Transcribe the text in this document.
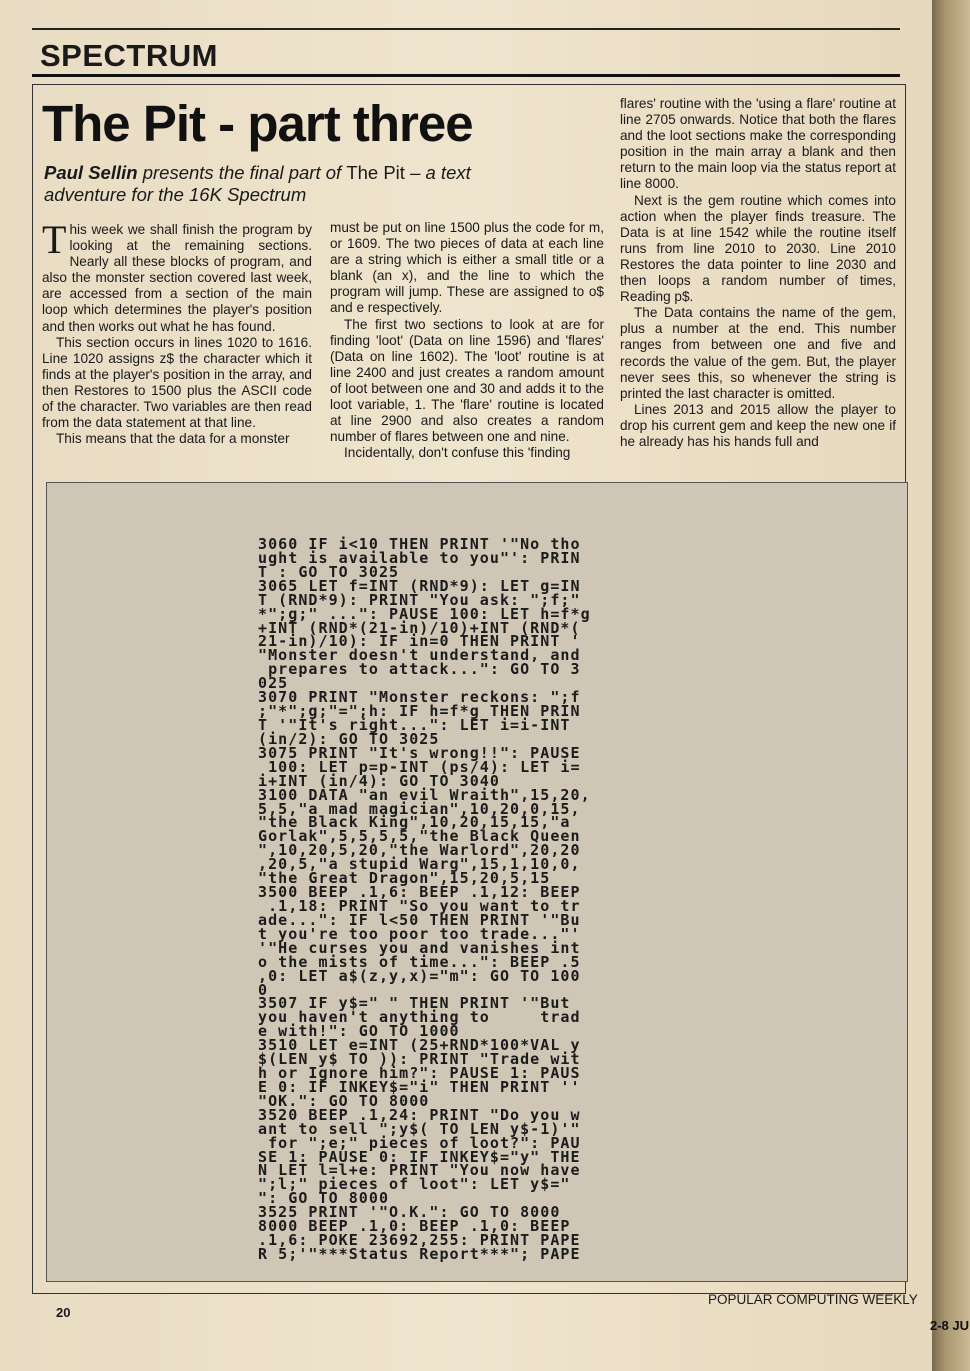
2-8 JU
SPECTRUM
The Pit - part three
Paul Sellin presents the final part of The Pit – a text adventure for the 16K Spectrum

This week we shall finish the program by looking at the remaining sections. Nearly all these blocks of program, and also the monster section covered last week, are accessed from a section of the main loop which determines the player's position and then works out what he has found.

This section occurs in lines 1020 to 1616. Line 1020 assigns z$ the character which it finds at the player's position in the array, and then Restores to 1500 plus the ASCII code of the character. Two variables are then read from the data statement at that line.

This means that the data for a monster

must be put on line 1500 plus the code for m, or 1609. The two pieces of data at each line are a string which is either a small title or a blank (an x), and the line to which the program will jump. These are assigned to o$ and e respectively.

The first two sections to look at are for finding 'loot' (Data on line 1596) and 'flares' (Data on line 1602). The 'loot' routine is at line 2400 and just creates a random amount of loot between one and 30 and adds it to the loot variable, 1. The 'flare' routine is located at line 2900 and also creates a random number of flares between one and nine.

Incidentally, don't confuse this 'finding

flares' routine with the 'using a flare' routine at line 2705 onwards. Notice that both the flares and the loot sections make the corresponding position in the main array a blank and then return to the main loop via the status report at line 8000.

Next is the gem routine which comes into action when the player finds treasure. The Data is at line 1542 while the routine itself runs from line 2010 to 2030. Line 2010 Restores the data pointer to line 2030 and then loops a random number of times, Reading p$.

The Data contains the name of the gem, plus a number at the end. This number ranges from between one and five and records the value of the gem. But, the player never sees this, so whenever the string is printed the last character is omitted.

Lines 2013 and 2015 allow the player to drop his current gem and keep the new one if he already has his hands full and

3060 IF i<10 THEN PRINT '"No tho
ught is available to you"': PRIN
T : GO TO 3025
3065 LET f=INT (RND*9): LET g=IN
T (RND*9): PRINT "You ask: ";f;"
*";g;" ...": PAUSE 100: LET h=f*g
+INT (RND*(21-in)/10)+INT (RND*(
21-in)/10): IF in=0 THEN PRINT '
"Monster doesn't understand, and
prepares to attack...": GO TO 3
025
3070 PRINT "Monster reckons: ";f
;"*";g;"=";h: IF h=f*g THEN PRIN
T '"It's right...": LET i=i-INT
(in/2): GO TO 3025
3075 PRINT "It's wrong!!": PAUSE
100: LET p=p-INT (ps/4): LET i=
i+INT (in/4): GO TO 3040
3100 DATA "an evil Wraith",15,20,
5,5,"a mad magician",10,20,0,15,
"the Black King",10,20,15,15,"a
Gorlak",5,5,5,5,"the Black Queen
",10,20,5,20,"the Warlord",20,20
,20,5,"a stupid Warg",15,1,10,0,
"the Great Dragon",15,20,5,15
3500 BEEP .1,6: BEEP .1,12: BEEP
.1,18: PRINT "So you want to tr
ade...": IF l<50 THEN PRINT '"Bu
t you're too poor too trade..."'
'"He curses you and vanishes int
o the mists of time...": BEEP .5
,0: LET a$(z,y,x)="m": GO TO 100
0
3507 IF y$=" " THEN PRINT '"But
you haven't anything to     trad
e with!": GO TO 1000
3510 LET e=INT (25+RND*100*VAL y
$(LEN y$ TO )): PRINT "Trade wit
h or Ignore him?": PAUSE 1: PAUS
E 0: IF INKEY$="i" THEN PRINT ''
"OK.": GO TO 8000
3520 BEEP .1,24: PRINT "Do you w
ant to sell ";y$( TO LEN y$-1)'"
for ";e;" pieces of loot?": PAU
SE 1: PAUSE 0: IF INKEY$="y" THE
N LET l=l+e: PRINT "You now have
";l;" pieces of loot": LET y$="
": GO TO 8000
3525 PRINT '"O.K.": GO TO 8000
8000 BEEP .1,0: BEEP .1,0: BEEP
.1,6: POKE 23692,255: PRINT PAPE
R 5;'"***Status Report***"; PAPE
20
POPULAR COMPUTING WEEKLY
